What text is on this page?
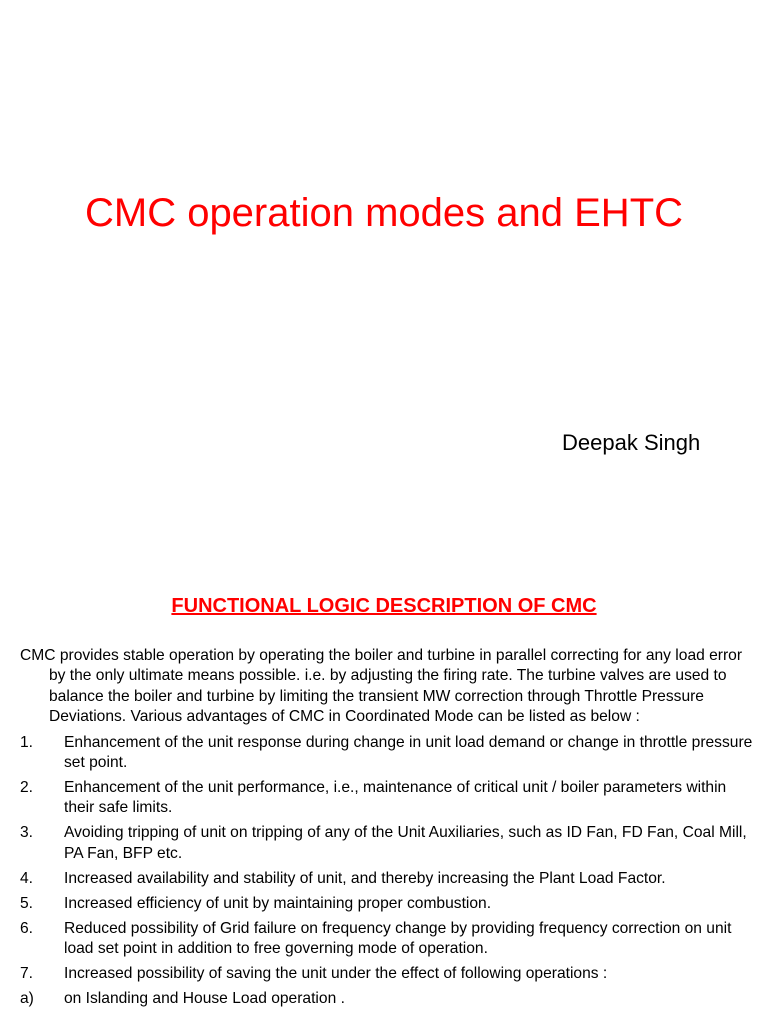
CMC operation modes and EHTC

Deepak Singh

FUNCTIONAL LOGIC DESCRIPTION OF CMC

CMC provides stable operation by operating the boiler and turbine in parallel correcting for any load error by the only ultimate means possible. i.e. by adjusting the firing rate. The turbine valves are used to balance the boiler and turbine by limiting the transient MW correction through Throttle Pressure Deviations. Various advantages of CMC in Coordinated Mode can be listed as below :

1. Enhancement of the unit response during change in unit load demand or change in throttle pressure set point.
2. Enhancement of the unit performance, i.e., maintenance of critical unit / boiler parameters within their safe limits.
3. Avoiding tripping of unit on tripping of any of the Unit Auxiliaries, such as ID Fan, FD Fan, Coal Mill, PA Fan, BFP etc.
4. Increased availability and stability of unit, and thereby increasing the Plant Load Factor.
5. Increased efficiency of unit by maintaining proper combustion.
6. Reduced possibility of Grid failure on frequency change by providing frequency correction on unit load set point in addition to free governing mode of operation.
7. Increased possibility of saving the unit under the effect of following operations :
a) on Islanding and House Load operation .
